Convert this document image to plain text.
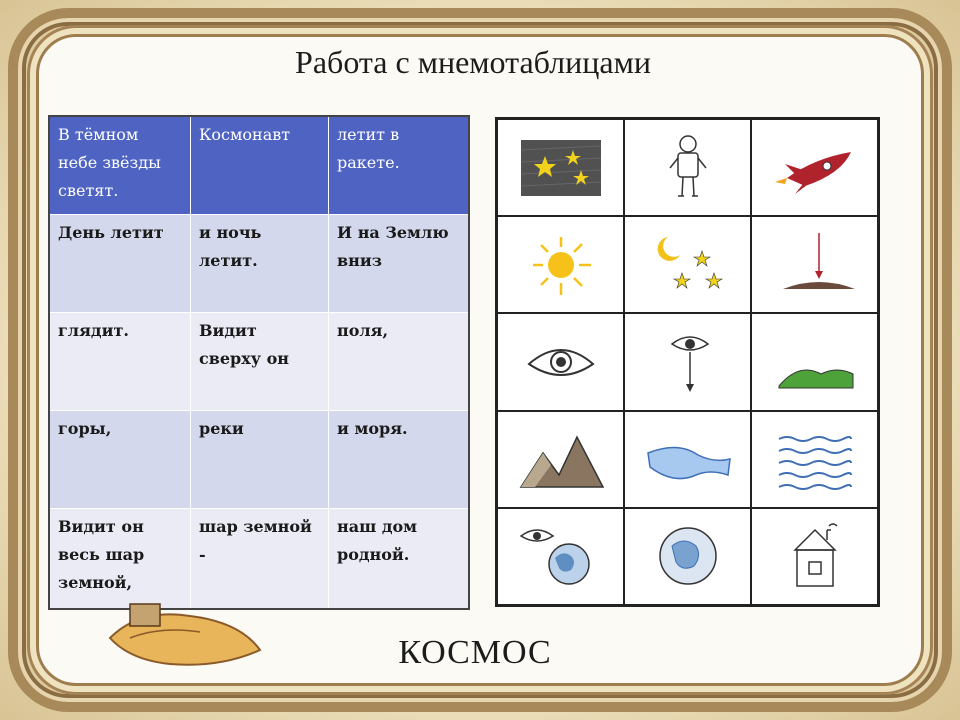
Работа с мнемотаблицами
В тёмном небе звёзды светят.	Космонавт	летит в ракете.
День летит	и ночь летит.	И на Землю вниз
глядит.	Видит сверху он	поля,
горы,	реки	и моря.
Видит он весь шар земной,	шар земной -	наш дом родной.
КОСМОС
